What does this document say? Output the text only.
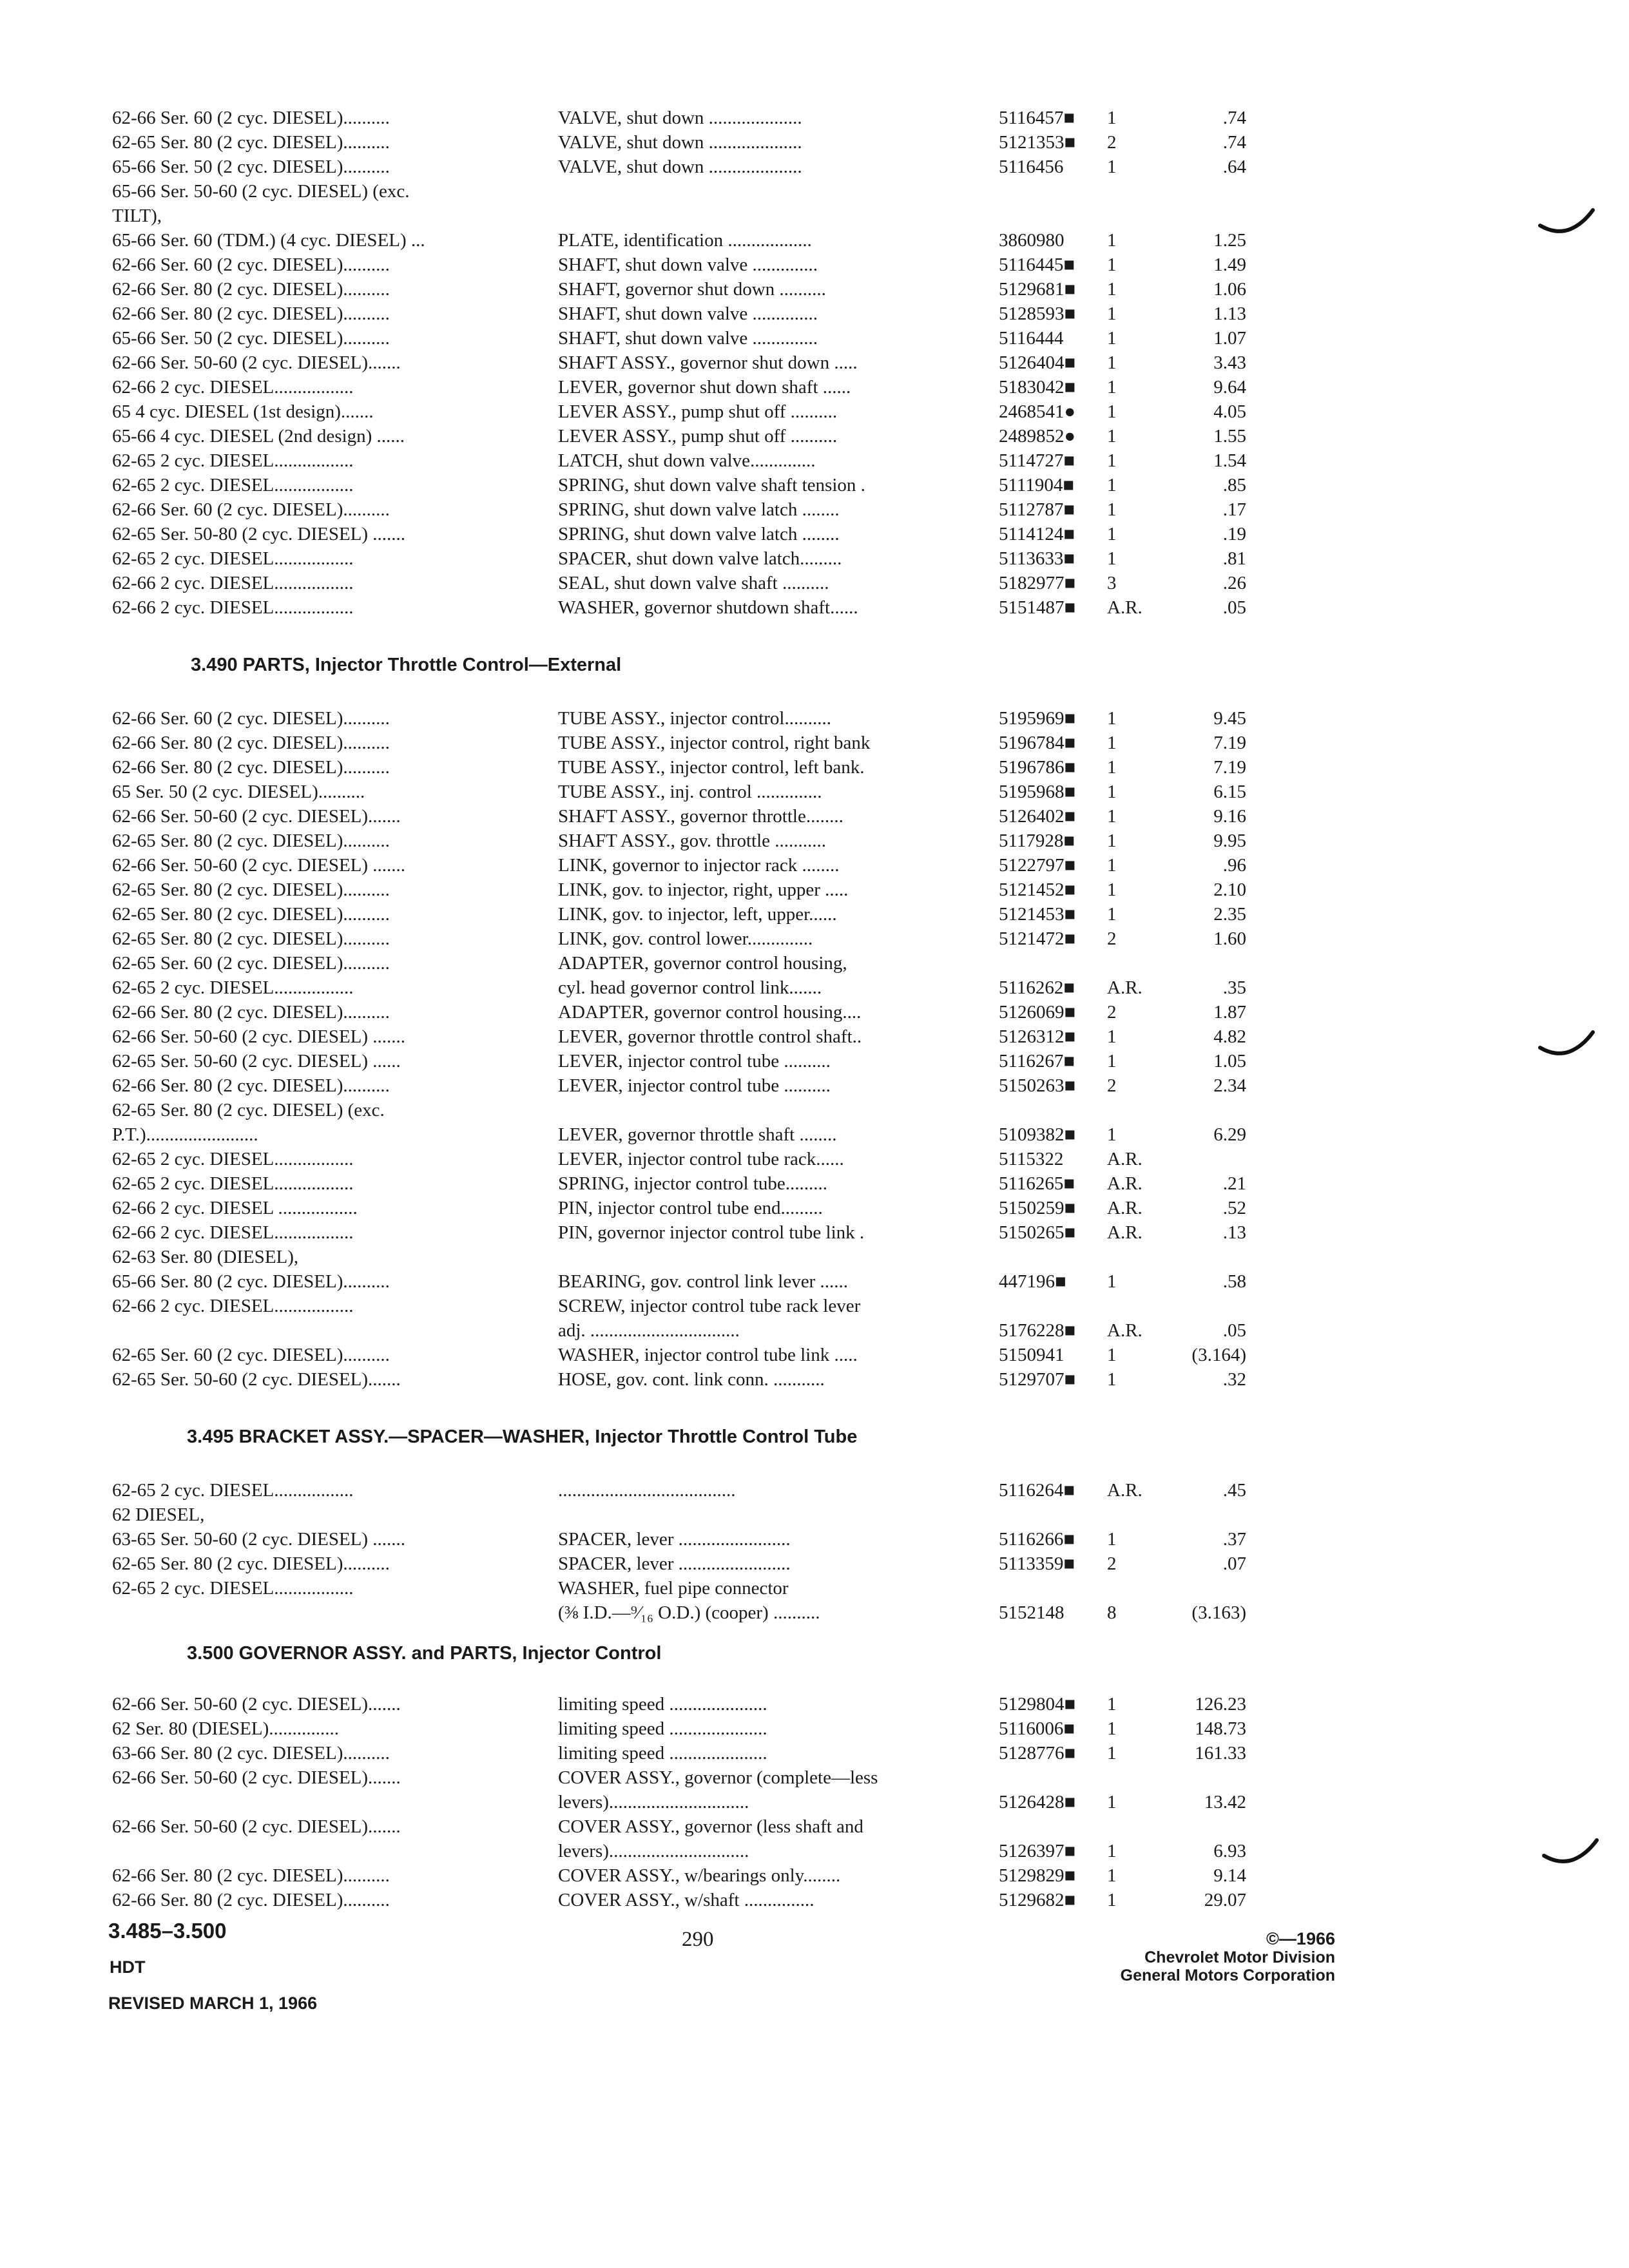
62-66 Ser. 60 (2 cyc. DIESEL)..........	VALVE, shut down ....................	5116457■	1	.74
62-65 Ser. 80 (2 cyc. DIESEL)..........	VALVE, shut down ....................	5121353■	2	.74
65-66 Ser. 50 (2 cyc. DIESEL)..........	VALVE, shut down ....................	5116456	1	.64
65-66 Ser. 50-60 (2 cyc. DIESEL) (exc.
TILT),
65-66 Ser. 60 (TDM.) (4 cyc. DIESEL) ...	PLATE, identification ..................	3860980	1	1.25
62-66 Ser. 60 (2 cyc. DIESEL)..........	SHAFT, shut down valve ..............	5116445■	1	1.49
62-66 Ser. 80 (2 cyc. DIESEL)..........	SHAFT, governor shut down ..........	5129681■	1	1.06
62-66 Ser. 80 (2 cyc. DIESEL)..........	SHAFT, shut down valve ..............	5128593■	1	1.13
65-66 Ser. 50 (2 cyc. DIESEL)..........	SHAFT, shut down valve ..............	5116444	1	1.07
62-66 Ser. 50-60 (2 cyc. DIESEL).......	SHAFT ASSY., governor shut down .....	5126404■	1	3.43
62-66 2 cyc. DIESEL.................	LEVER, governor shut down shaft ......	5183042■	1	9.64
65 4 cyc. DIESEL (1st design).......	LEVER ASSY., pump shut off ..........	2468541●	1	4.05
65-66 4 cyc. DIESEL (2nd design) ......	LEVER ASSY., pump shut off ..........	2489852●	1	1.55
62-65 2 cyc. DIESEL.................	LATCH, shut down valve..............	5114727■	1	1.54
62-65 2 cyc. DIESEL.................	SPRING, shut down valve shaft tension .	5111904■	1	.85
62-66 Ser. 60 (2 cyc. DIESEL)..........	SPRING, shut down valve latch ........	5112787■	1	.17
62-65 Ser. 50-80 (2 cyc. DIESEL) .......	SPRING, shut down valve latch ........	5114124■	1	.19
62-65 2 cyc. DIESEL.................	SPACER, shut down valve latch.........	5113633■	1	.81
62-66 2 cyc. DIESEL.................	SEAL, shut down valve shaft ..........	5182977■	3	.26
62-66 2 cyc. DIESEL.................	WASHER, governor shutdown shaft......	5151487■	A.R.	.05
3.490 PARTS, Injector Throttle Control—External
62-66 Ser. 60 (2 cyc. DIESEL)..........	TUBE ASSY., injector control..........	5195969■	1	9.45
62-66 Ser. 80 (2 cyc. DIESEL)..........	TUBE ASSY., injector control, right bank	5196784■	1	7.19
62-66 Ser. 80 (2 cyc. DIESEL)..........	TUBE ASSY., injector control, left bank.	5196786■	1	7.19
65 Ser. 50 (2 cyc. DIESEL)..........	TUBE ASSY., inj. control ..............	5195968■	1	6.15
62-66 Ser. 50-60 (2 cyc. DIESEL).......	SHAFT ASSY., governor throttle........	5126402■	1	9.16
62-65 Ser. 80 (2 cyc. DIESEL)..........	SHAFT ASSY., gov. throttle ...........	5117928■	1	9.95
62-66 Ser. 50-60 (2 cyc. DIESEL) .......	LINK, governor to injector rack ........	5122797■	1	.96
62-65 Ser. 80 (2 cyc. DIESEL)..........	LINK, gov. to injector, right, upper .....	5121452■	1	2.10
62-65 Ser. 80 (2 cyc. DIESEL)..........	LINK, gov. to injector, left, upper......	5121453■	1	2.35
62-65 Ser. 80 (2 cyc. DIESEL)..........	LINK, gov. control lower..............	5121472■	2	1.60
62-65 Ser. 60 (2 cyc. DIESEL)..........	ADAPTER, governor control housing,
62-65 2 cyc. DIESEL.................	cyl. head governor control link.......	5116262■	A.R.	.35
62-66 Ser. 80 (2 cyc. DIESEL)..........	ADAPTER, governor control housing....	5126069■	2	1.87
62-66 Ser. 50-60 (2 cyc. DIESEL) .......	LEVER, governor throttle control shaft..	5126312■	1	4.82
62-65 Ser. 50-60 (2 cyc. DIESEL) ......	LEVER, injector control tube ..........	5116267■	1	1.05
62-66 Ser. 80 (2 cyc. DIESEL)..........	LEVER, injector control tube ..........	5150263■	2	2.34
62-65 Ser. 80 (2 cyc. DIESEL) (exc.
P.T.)........................	LEVER, governor throttle shaft ........	5109382■	1	6.29
62-65 2 cyc. DIESEL.................	LEVER, injector control tube rack......	5115322	A.R.
62-65 2 cyc. DIESEL.................	SPRING, injector control tube.........	5116265■	A.R.	.21
62-66 2 cyc. DIESEL .................	PIN, injector control tube end.........	5150259■	A.R.	.52
62-66 2 cyc. DIESEL.................	PIN, governor injector control tube link .	5150265■	A.R.	.13
62-63 Ser. 80 (DIESEL),
65-66 Ser. 80 (2 cyc. DIESEL)..........	BEARING, gov. control link lever ......	447196■	1	.58
62-66 2 cyc. DIESEL.................	SCREW, injector control tube rack lever
adj. ................................	5176228■	A.R.	.05
62-65 Ser. 60 (2 cyc. DIESEL)..........	WASHER, injector control tube link .....	5150941	1	(3.164)
62-65 Ser. 50-60 (2 cyc. DIESEL).......	HOSE, gov. cont. link conn. ...........	5129707■	1	.32
3.495 BRACKET ASSY.—SPACER—WASHER, Injector Throttle Control Tube
62-65 2 cyc. DIESEL.................	......................................	5116264■	A.R.	.45
62 DIESEL,
63-65 Ser. 50-60 (2 cyc. DIESEL) .......	SPACER, lever ........................	5116266■	1	.37
62-65 Ser. 80 (2 cyc. DIESEL)..........	SPACER, lever ........................	5113359■	2	.07
62-65 2 cyc. DIESEL.................	WASHER, fuel pipe connector
(⅜ I.D.—⁹⁄₁₆ O.D.) (cooper) ..........	5152148	8	(3.163)
3.500 GOVERNOR ASSY. and PARTS, Injector Control
62-66 Ser. 50-60 (2 cyc. DIESEL).......	limiting speed .....................	5129804■	1	126.23
62 Ser. 80 (DIESEL)...............	limiting speed .....................	5116006■	1	148.73
63-66 Ser. 80 (2 cyc. DIESEL)..........	limiting speed .....................	5128776■	1	161.33
62-66 Ser. 50-60 (2 cyc. DIESEL).......	COVER ASSY., governor (complete—less
levers)..............................	5126428■	1	13.42
62-66 Ser. 50-60 (2 cyc. DIESEL).......	COVER ASSY., governor (less shaft and
levers)..............................	5126397■	1	6.93
62-66 Ser. 80 (2 cyc. DIESEL)..........	COVER ASSY., w/bearings only........	5129829■	1	9.14
62-66 Ser. 80 (2 cyc. DIESEL)..........	COVER ASSY., w/shaft ...............	5129682■	1	29.07
3.485–3.500
HDT
REVISED MARCH 1, 1966
290	©—1966
Chevrolet Motor Division
General Motors Corporation
